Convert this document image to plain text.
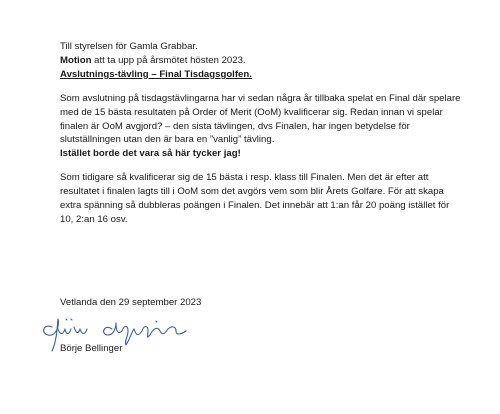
Till styrelsen för Gamla Grabbar.

Motion att ta upp på årsmötet hösten 2023.

Avslutnings-tävling – Final Tisdagsgolfen.

Som avslutning på tisdagstävlingarna har vi sedan några år tillbaka spelat en Final där spelare

med de 15 bästa resultaten på Order of Merit (OoM) kvalificerar sig. Redan innan vi spelar

finalen är OoM avgjord? – den sista tävlingen, dvs Finalen, har ingen betydelse för

slutställningen utan den är bara en ”vanlig” tävling.

Istället borde det vara så här tycker jag!

Som tidigare så kvalificerar sig de 15 bästa i resp. klass till Finalen. Men det är efter att

resultatet i finalen lagts till i OoM som det avgörs vem som blir Årets Golfare. För att skapa

extra spänning så dubbleras poängen i Finalen. Det innebär att 1:an får 20 poäng istället för

10, 2:an 16 osv.

Vetlanda den 29 september 2023
Börje Bellinger
